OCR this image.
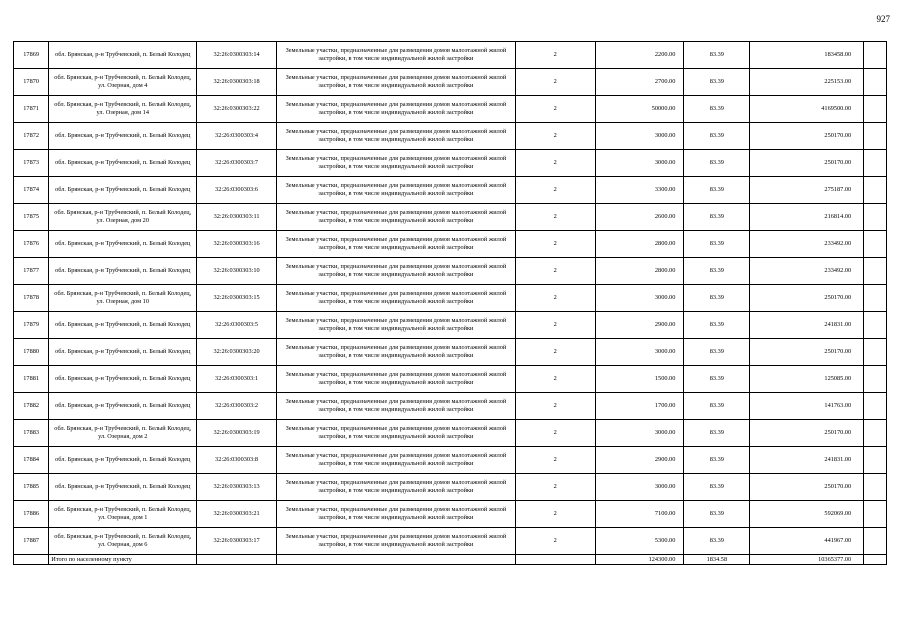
927
17869	обл. Брянская, р-н Трубчевский, п. Белый Колодец	32:26:0300303:14	Земельные участки, предназначенные для размещения домов малоэтажной жилой застройки, в том числе индивидуальной жилой застройки	2	2200.00	83.39	183458.00	
17870	обл. Брянская, р-н Трубчевский, п. Белый Колодец, ул. Озерная, дом 4	32:26:0300303:18	Земельные участки, предназначенные для размещения домов малоэтажной жилой застройки, в том числе индивидуальной жилой застройки	2	2700.00	83.39	225153.00	
17871	обл. Брянская, р-н Трубчевский, п. Белый Колодец, ул. Озерная, дом 14	32:26:0300303:22	Земельные участки, предназначенные для размещения домов малоэтажной жилой застройки, в том числе индивидуальной жилой застройки	2	50000.00	83.39	4169500.00	
17872	обл. Брянская, р-н Трубчевский, п. Белый Колодец	32:26:0300303:4	Земельные участки, предназначенные для размещения домов малоэтажной жилой застройки, в том числе индивидуальной жилой застройки	2	3000.00	83.39	250170.00	
17873	обл. Брянская, р-н Трубчевский, п. Белый Колодец	32:26:0300303:7	Земельные участки, предназначенные для размещения домов малоэтажной жилой застройки, в том числе индивидуальной жилой застройки	2	3000.00	83.39	250170.00	
17874	обл. Брянская, р-н Трубчевский, п. Белый Колодец	32:26:0300303:6	Земельные участки, предназначенные для размещения домов малоэтажной жилой застройки, в том числе индивидуальной жилой застройки	2	3300.00	83.39	275187.00	
17875	обл. Брянская, р-н Трубчевский, п. Белый Колодец, ул. Озерная, дом 20	32:26:0300303:11	Земельные участки, предназначенные для размещения домов малоэтажной жилой застройки, в том числе индивидуальной жилой застройки	2	2600.00	83.39	216814.00	
17876	обл. Брянская, р-н Трубчевский, п. Белый Колодец	32:26:0300303:16	Земельные участки, предназначенные для размещения домов малоэтажной жилой застройки, в том числе индивидуальной жилой застройки	2	2800.00	83.39	233492.00	
17877	обл. Брянская, р-н Трубчевский, п. Белый Колодец	32:26:0300303:10	Земельные участки, предназначенные для размещения домов малоэтажной жилой застройки, в том числе индивидуальной жилой застройки	2	2800.00	83.39	233492.00	
17878	обл. Брянская, р-н Трубчевский, п. Белый Колодец, ул. Озерная, дом 10	32:26:0300303:15	Земельные участки, предназначенные для размещения домов малоэтажной жилой застройки, в том числе индивидуальной жилой застройки	2	3000.00	83.39	250170.00	
17879	обл. Брянская, р-н Трубчевский, п. Белый Колодец	32:26:0300303:5	Земельные участки, предназначенные для размещения домов малоэтажной жилой застройки, в том числе индивидуальной жилой застройки	2	2900.00	83.39	241831.00	
17880	обл. Брянская, р-н Трубчевский, п. Белый Колодец	32:26:0300303:20	Земельные участки, предназначенные для размещения домов малоэтажной жилой застройки, в том числе индивидуальной жилой застройки	2	3000.00	83.39	250170.00	
17881	обл. Брянская, р-н Трубчевский, п. Белый Колодец	32:26:0300303:1	Земельные участки, предназначенные для размещения домов малоэтажной жилой застройки, в том числе индивидуальной жилой застройки	2	1500.00	83.39	125085.00	
17882	обл. Брянская, р-н Трубчевский, п. Белый Колодец	32:26:0300303:2	Земельные участки, предназначенные для размещения домов малоэтажной жилой застройки, в том числе индивидуальной жилой застройки	2	1700.00	83.39	141763.00	
17883	обл. Брянская, р-н Трубчевский, п. Белый Колодец, ул. Озерная, дом 2	32:26:0300303:19	Земельные участки, предназначенные для размещения домов малоэтажной жилой застройки, в том числе индивидуальной жилой застройки	2	3000.00	83.39	250170.00	
17884	обл. Брянская, р-н Трубчевский, п. Белый Колодец	32:26:0300303:8	Земельные участки, предназначенные для размещения домов малоэтажной жилой застройки, в том числе индивидуальной жилой застройки	2	2900.00	83.39	241831.00	
17885	обл. Брянская, р-н Трубчевский, п. Белый Колодец	32:26:0300303:13	Земельные участки, предназначенные для размещения домов малоэтажной жилой застройки, в том числе индивидуальной жилой застройки	2	3000.00	83.39	250170.00	
17886	обл. Брянская, р-н Трубчевский, п. Белый Колодец, ул. Озерная, дом 1	32:26:0300303:21	Земельные участки, предназначенные для размещения домов малоэтажной жилой застройки, в том числе индивидуальной жилой застройки	2	7100.00	83.39	592069.00	
17887	обл. Брянская, р-н Трубчевский, п. Белый Колодец, ул. Озерная, дом 6	32:26:0300303:17	Земельные участки, предназначенные для размещения домов малоэтажной жилой застройки, в том числе индивидуальной жилой застройки	2	5300.00	83.39	441967.00	
	Итого по населенному пункту				124300.00	1834.58	10365377.00	
